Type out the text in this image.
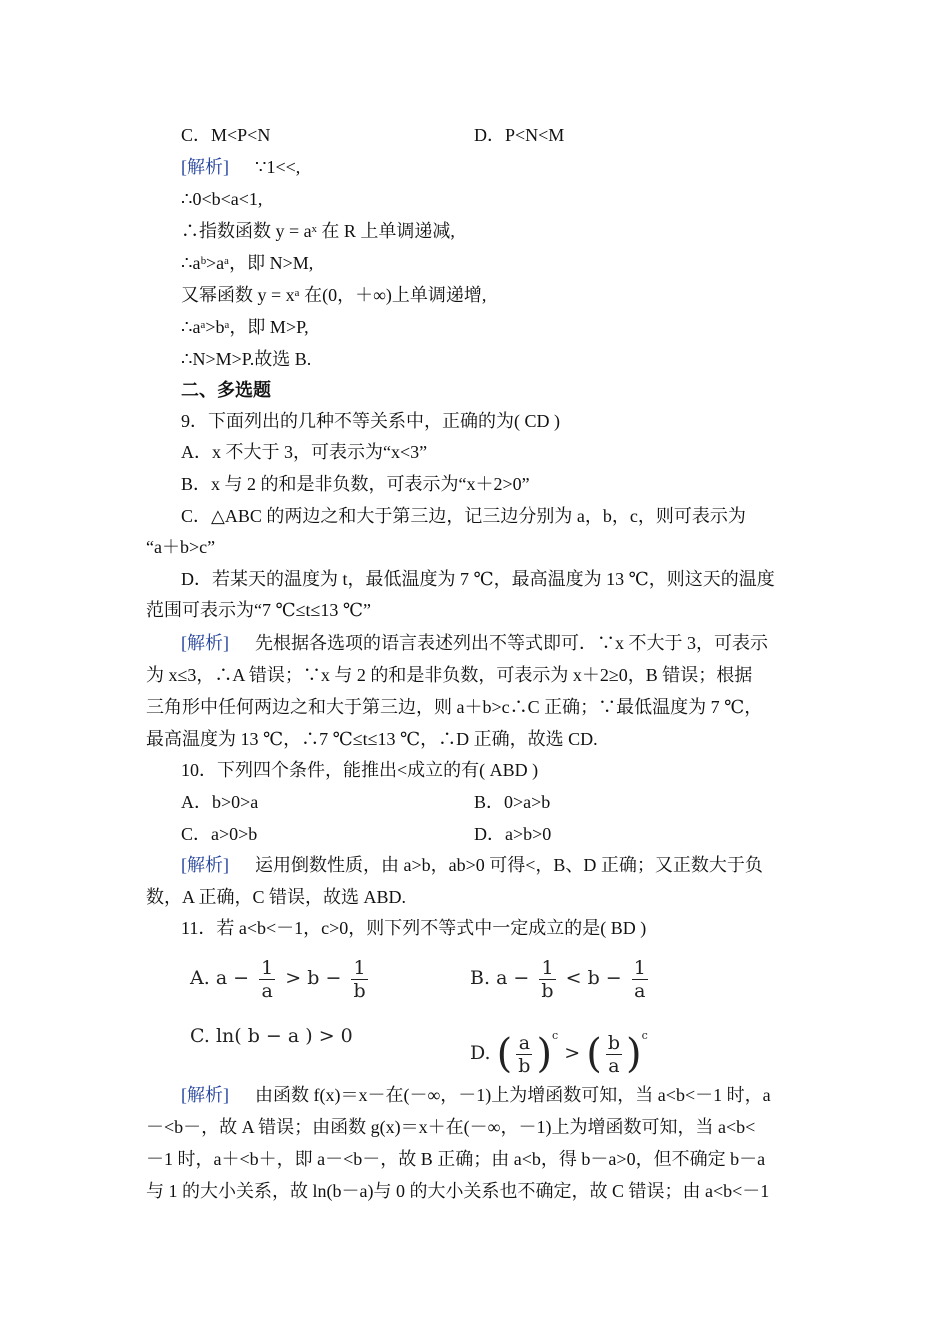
C．M<P<N	D．P<N<M
[解析] ∵1<<,
∴0<b<a<1,
∴指数函数 y = aˣ 在 R 上单调递减,
∴aᵇ>aᵃ，即 N>M,
又幂函数 y = xᵃ 在(0，＋∞)上单调递增,
∴aᵃ>bᵃ，即 M>P,
∴N>M>P.故选 B.
二、多选题
9．下面列出的几种不等关系中，正确的为( CD )
A．x 不大于 3，可表示为“x<3”
B．x 与 2 的和是非负数，可表示为“x＋2>0”
C．△ABC 的两边之和大于第三边，记三边分别为 a，b，c，则可表示为
“a＋b>c”
D．若某天的温度为 t，最低温度为 7 ℃，最高温度为 13 ℃，则这天的温度
范围可表示为“7 ℃≤t≤13 ℃”
[解析] 先根据各选项的语言表述列出不等式即可．∵x 不大于 3，可表示
为 x≤3，∴A 错误；∵x 与 2 的和是非负数，可表示为 x＋2≥0，B 错误；根据
三角形中任何两边之和大于第三边，则 a＋b>c∴C 正确；∵最低温度为 7 ℃，
最高温度为 13 ℃，∴7 ℃≤t≤13 ℃，∴D 正确，故选 CD.
10．下列四个条件，能推出<成立的有( ABD )
A．b>0>a	B．0>a>b
C．a>0>b	D．a>b>0
[解析] 运用倒数性质，由 a>b，ab>0 可得<，B、D 正确；又正数大于负
数，A 正确，C 错误，故选 ABD.
11．若 a<b<－1，c>0，则下列不等式中一定成立的是( BD )
A. $a - \frac{1}{a} > b - \frac{1}{b}$	B. $a - \frac{1}{b} < b - \frac{1}{a}$
C. ln( b − a ) > 0
D. ( $\frac{a}{b} )^c$ > ( $\frac{b}{a} )^c$
[解析] 由函数 f(x)＝x－在(－∞，－1)上为增函数可知，当 a<b<－1 时，a
－<b－，故 A 错误；由函数 g(x)＝x＋在(－∞，－1)上为增函数可知，当 a<b<
－1 时，a＋<b＋，即 a－<b－，故 B 正确；由 a<b，得 b－a>0，但不确定 b－a
与 1 的大小关系，故 ln(b－a)与 0 的大小关系也不确定，故 C 错误；由 a<b<－1
